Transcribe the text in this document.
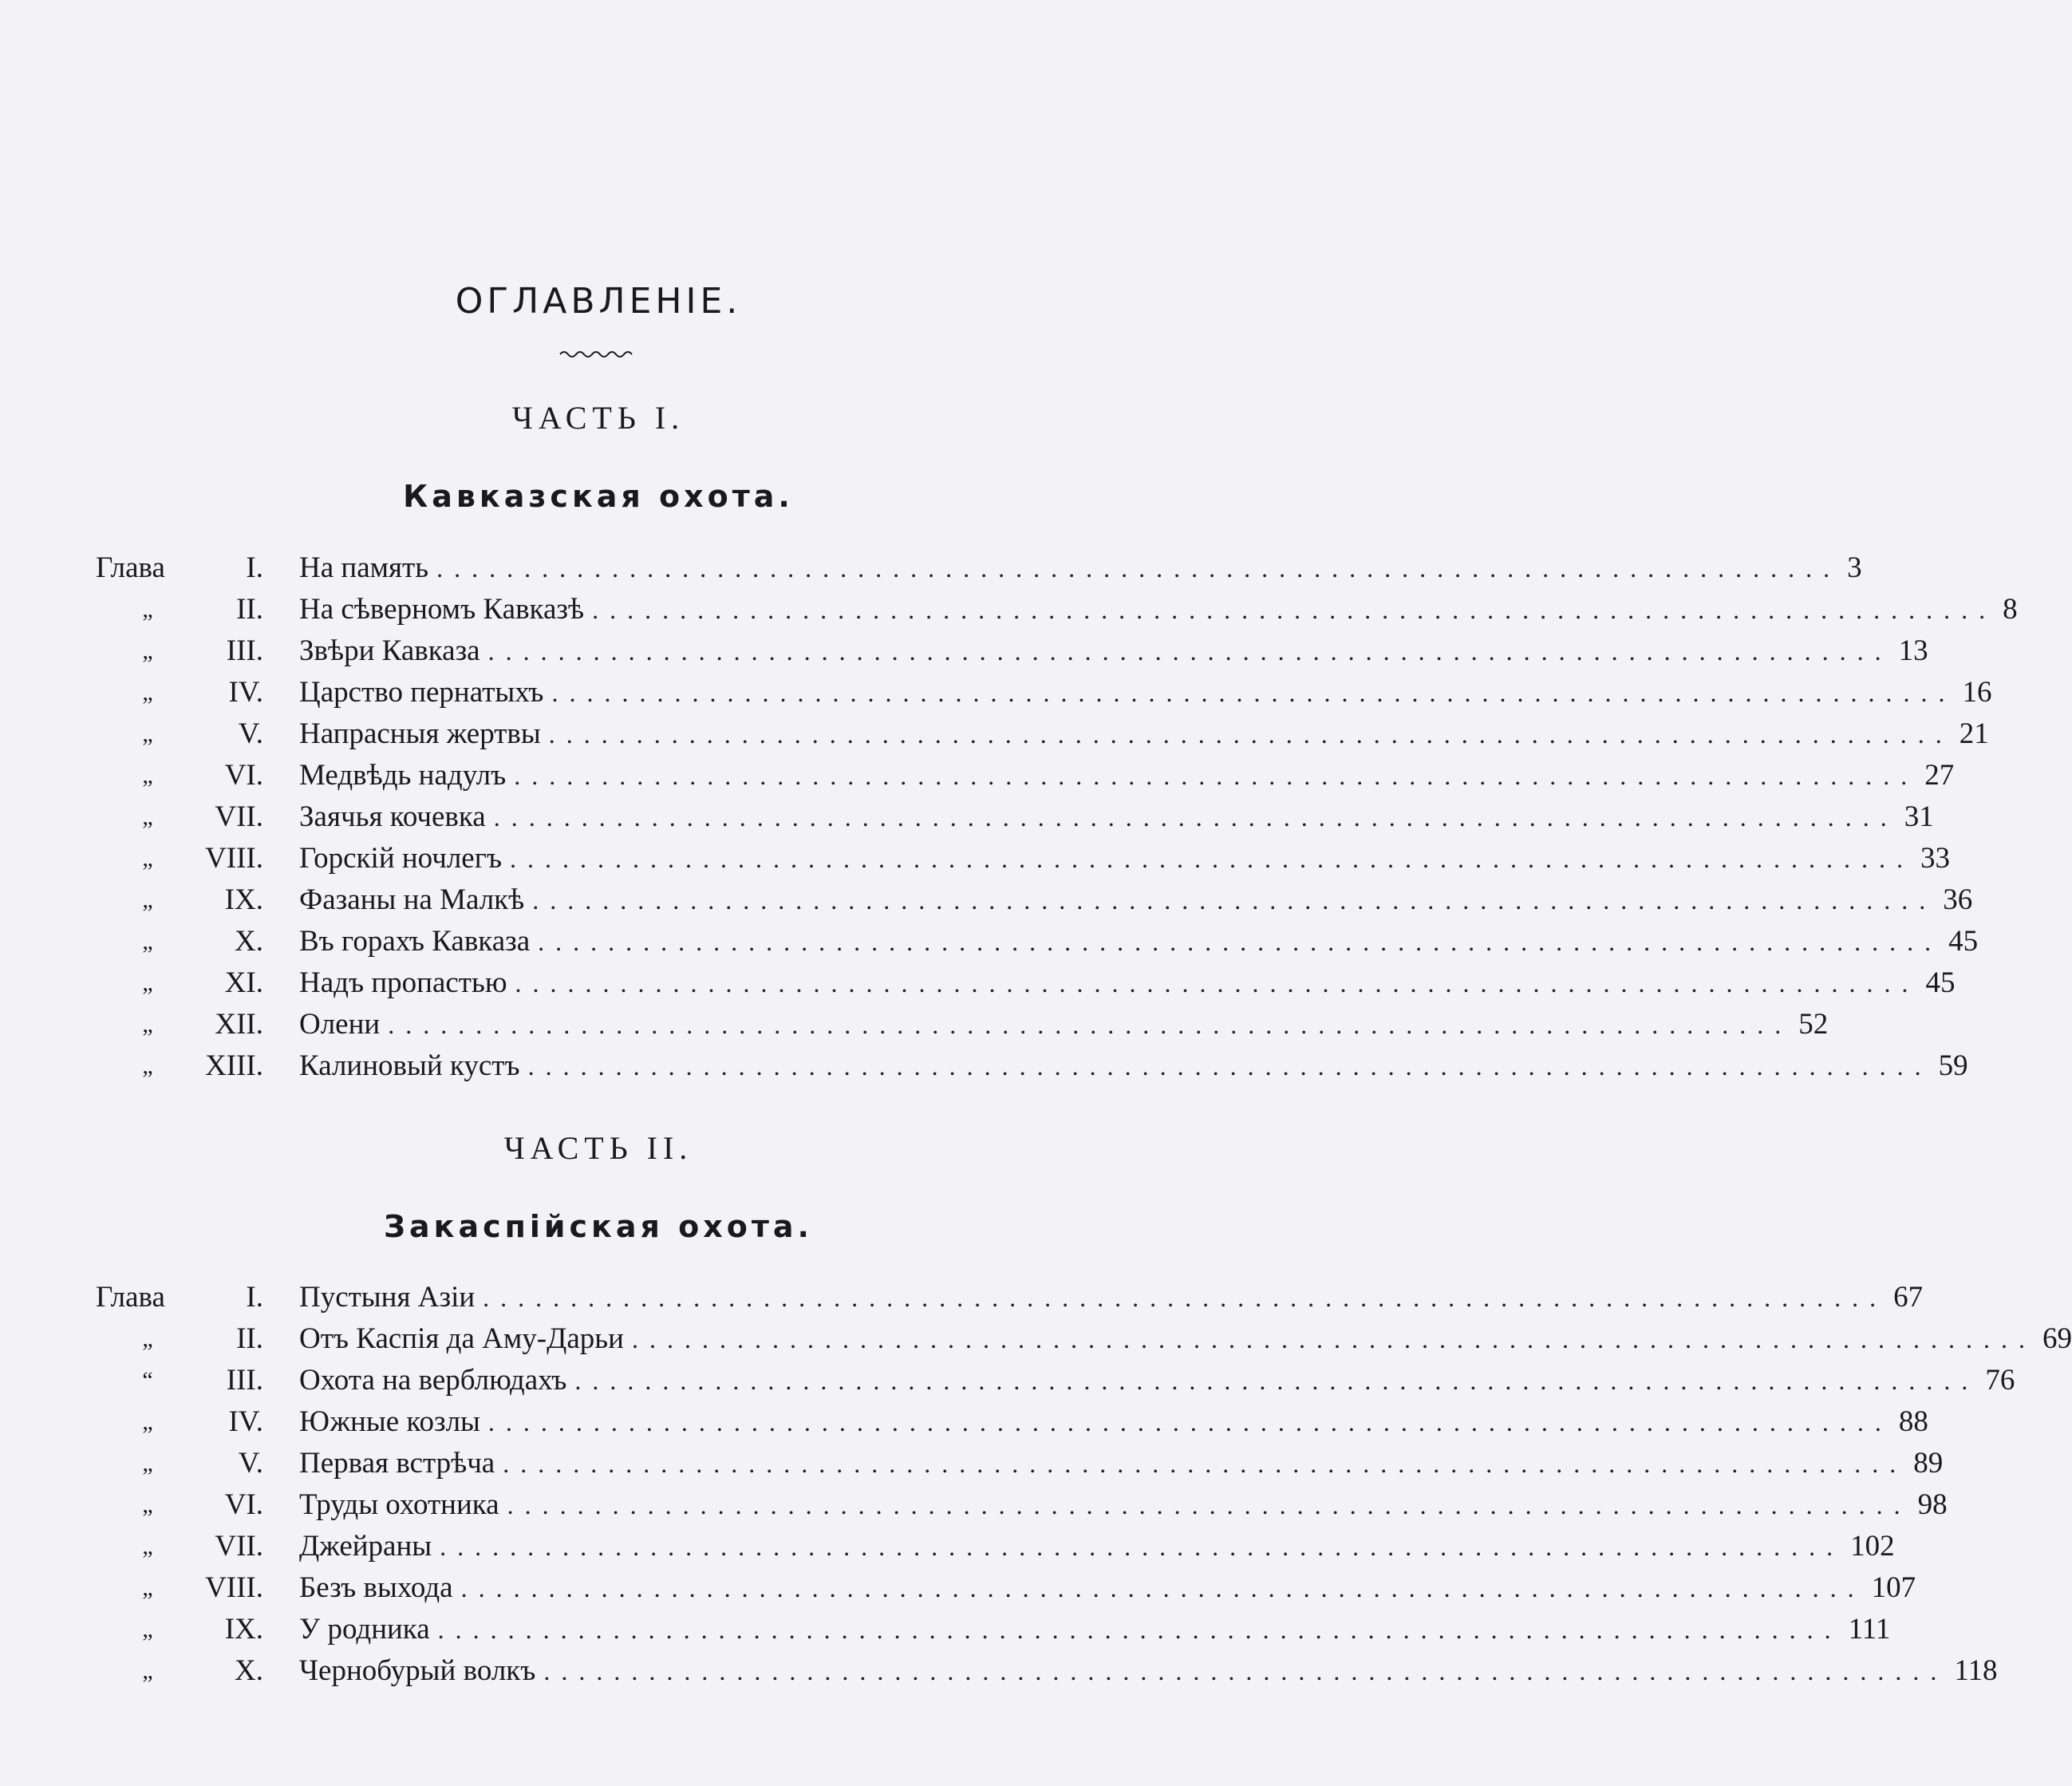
ОГЛАВЛЕНІЕ.
ЧАСТЬ I.
Кавказская охота.
Глава	I. На память ................................................................................ 3
„	II. На сѣверномъ Кавказѣ ................................................................................ 8
„	III. Звѣри Кавказа ................................................................................ 13
„	IV. Царство пернатыхъ ................................................................................ 16
„	V. Напрасныя жертвы ................................................................................ 21
„	VI. Медвѣдь надулъ ................................................................................ 27
„	VII. Заячья кочевка ................................................................................ 31
„	VIII. Горскій ночлегъ ................................................................................ 33
„	IX. Фазаны на Малкѣ ................................................................................ 36
„	X. Въ горахъ Кавказа ................................................................................ 45
„	XI. Надъ пропастью ................................................................................ 45
„	XII. Олени ................................................................................ 52
„	XIII. Калиновый кустъ ................................................................................ 59
ЧАСТЬ II.
Закаспійская охота.
Глава	I. Пустыня Азіи ................................................................................ 67
„	II. Отъ Каспія да Аму-Дарьи ................................................................................ 69
“	III. Охота на верблюдахъ ................................................................................ 76
„	IV. Южные козлы ................................................................................ 88
„	V. Первая встрѣча ................................................................................ 89
„	VI. Труды охотника ................................................................................ 98
„	VII. Джейраны ................................................................................ 102
„	VIII. Безъ выхода ................................................................................ 107
„	IX. У родника ................................................................................ 111
„	X. Чернобурый волкъ ................................................................................ 118
